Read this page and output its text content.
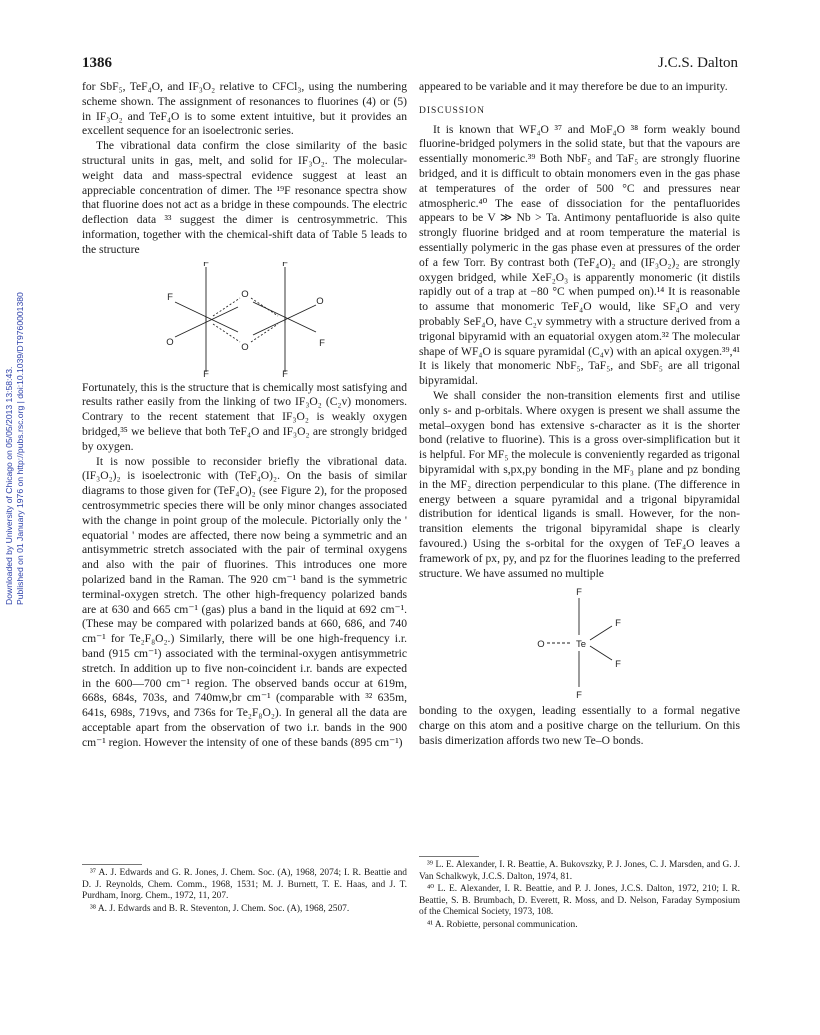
1386	J.C.S. Dalton
Downloaded by University of Chicago on 05/05/2013 13:58:43. Published on 01 January 1976 on http://pubs.rsc.org | doi:10.1039/DT9760001380

for SbF₅, TeF₄O, and IF₃O₂ relative to CFCl₃, using the numbering scheme shown. The assignment of resonances to fluorines (4) or (5) in IF₃O₂ and TeF₄O is to some extent intuitive, but it provides an excellent sequence for an isoelectronic series.

The vibrational data confirm the close similarity of the basic structural units in gas, melt, and solid for IF₃O₂. The molecular-weight data and mass-spectral evidence suggest at least an appreciable concentration of dimer. The ¹⁹F resonance spectra show that fluorine does not act as a bridge in these compounds. The electric deflection data ³³ suggest the dimer is centrosymmetric. This information, together with the chemical-shift data of Table 5 leads to the structure

I	I
F	F
F	O
O
O	O	F
F	F

Fortunately, this is the structure that is chemically most satisfying and results rather easily from the linking of two IF₃O₂ (C₂v) monomers. Contrary to the recent statement that IF₃O₂ is weakly oxygen bridged,³⁵ we believe that both TeF₄O and IF₃O₂ are strongly bridged by oxygen.

It is now possible to reconsider briefly the vibrational data. (IF₃O₂)₂ is isoelectronic with (TeF₄O)₂. On the basis of similar diagrams to those given for (TeF₄O)₂ (see Figure 2), for the proposed centrosymmetric species there will be only minor changes associated with the change in point group of the molecule. Pictorially only the ' equatorial ' modes are affected, there now being a symmetric and an antisymmetric stretch associated with the pair of terminal oxygens and also with the pair of fluorines. This introduces one more polarized band in the Raman. The 920 cm⁻¹ band is the symmetric terminal-oxygen stretch. The other high-frequency polarized bands are at 630 and 665 cm⁻¹ (gas) plus a band in the liquid at 692 cm⁻¹. (These may be compared with polarized bands at 660, 686, and 740 cm⁻¹ for Te₂F₈O₂.) Similarly, there will be one high-frequency i.r. band (915 cm⁻¹) associated with the terminal-oxygen antisymmetric stretch. In addition up to five non-coincident i.r. bands are expected in the 600—700 cm⁻¹ region. The observed bands occur at 619m, 668s, 684s, 703s, and 740mw,br cm⁻¹ (comparable with ³² 635m, 641s, 698s, 719vs, and 736s for Te₂F₈O₂). In general all the data are acceptable apart from the observation of two i.r. bands in the 900 cm⁻¹ region. However the intensity of one of these bands (895 cm⁻¹)

appeared to be variable and it may therefore be due to an impurity.

DISCUSSION

It is known that WF₄O ³⁷ and MoF₄O ³⁸ form weakly bound fluorine-bridged polymers in the solid state, but that the vapours are essentially monomeric.³⁹ Both NbF₅ and TaF₅ are strongly fluorine bridged, and it is difficult to obtain monomers even in the gas phase at temperatures of the order of 500 °C and pressures near atmospheric.⁴⁰ The ease of dissociation for the pentafluorides appears to be V ≫ Nb > Ta. Antimony pentafluoride is also quite strongly fluorine bridged and at room temperature the material is essentially polymeric in the gas phase even at pressures of the order of a few Torr. By contrast both (TeF₄O)₂ and (IF₃O₂)₂ are strongly oxygen bridged, while XeF₂O₃ is apparently monomeric (it distils rapidly out of a trap at −80 °C when pumped on).¹⁴ It is reasonable to assume that monomeric TeF₄O would, like SF₄O and very probably SeF₄O, have C₂v symmetry with a structure derived from a trigonal bipyramid with an equatorial oxygen atom.³² The molecular shape of WF₄O is square pyramidal (C₄v) with an apical oxygen.³⁹,⁴¹ It is likely that monomeric NbF₅, TaF₅, and SbF₅ are all trigonal bipyramidal.

We shall consider the non-transition elements first and utilise only s- and p-orbitals. Where oxygen is present we shall assume the metal–oxygen bond has extensive s-character as it is the shorter bond (relative to fluorine). This is a gross over-simplification but it is helpful. For MF₅ the molecule is conveniently regarded as trigonal bipyramidal with s,px,py bonding in the MF₃ plane and pz bonding in the MF₂ direction perpendicular to this plane. (The difference in energy between a square pyramidal and a trigonal bipyramidal distribution for identical ligands is small. However, for the non-transition elements the trigonal bipyramidal shape is clearly favoured.) Using the s-orbital for the oxygen of TeF₄O leaves a framework of px, py, and pz for the fluorines leading to the preferred structure. We have assumed no multiple

Te
O
F
F
F
F

bonding to the oxygen, leading essentially to a formal negative charge on this atom and a positive charge on the tellurium. On this basis dimerization affords two new Te–O bonds.

³⁷ A. J. Edwards and G. R. Jones, J. Chem. Soc. (A), 1968, 2074; I. R. Beattie and D. J. Reynolds, Chem. Comm., 1968, 1531; M. J. Burnett, T. E. Haas, and J. T. Purdham, Inorg. Chem., 1972, 11, 207.

³⁸ A. J. Edwards and B. R. Steventon, J. Chem. Soc. (A), 1968, 2507.

³⁹ L. E. Alexander, I. R. Beattie, A. Bukovszky, P. J. Jones, C. J. Marsden, and G. J. Van Schalkwyk, J.C.S. Dalton, 1974, 81.

⁴⁰ L. E. Alexander, I. R. Beattie, and P. J. Jones, J.C.S. Dalton, 1972, 210; I. R. Beattie, S. B. Brumbach, D. Everett, R. Moss, and D. Nelson, Faraday Symposium of the Chemical Society, 1973, 108.

⁴¹ A. Robiette, personal communication.
